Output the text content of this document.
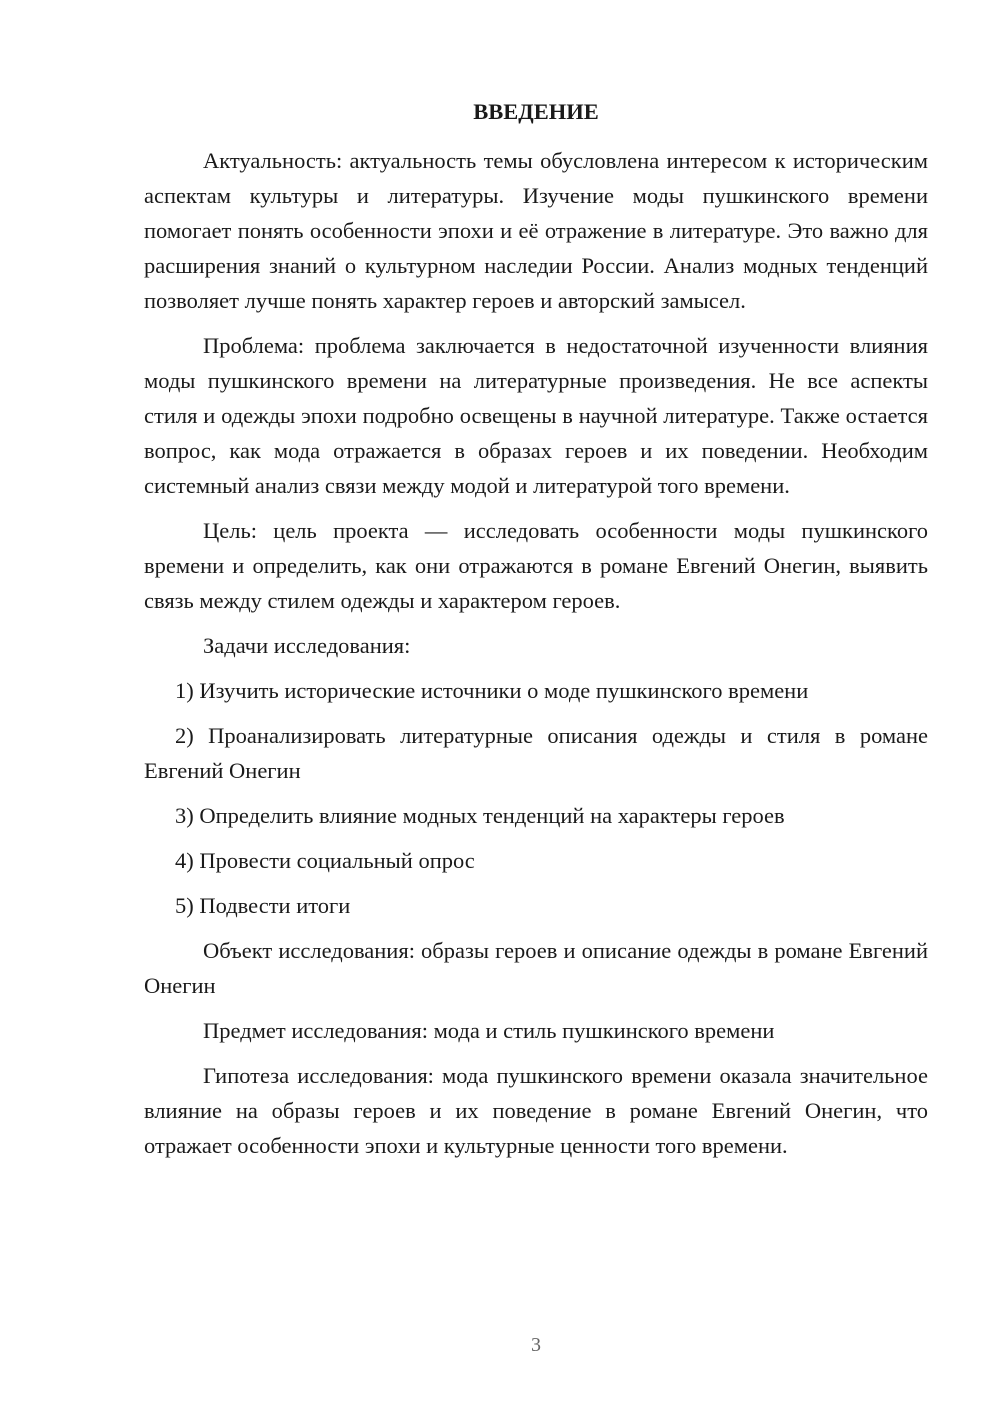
ВВЕДЕНИЕ

Актуальность: актуальность темы обусловлена интересом к историческим аспектам культуры и литературы. Изучение моды пушкинского времени помогает понять особенности эпохи и её отражение в литературе. Это важно для расширения знаний о культурном наследии России. Анализ модных тенденций позволяет лучше понять характер героев и авторский замысел.

Проблема: проблема заключается в недостаточной изученности влияния моды пушкинского времени на литературные произведения. Не все аспекты стиля и одежды эпохи подробно освещены в научной литературе. Также остается вопрос, как мода отражается в образах героев и их поведении. Необходим системный анализ связи между модой и литературой того времени.

Цель: цель проекта — исследовать особенности моды пушкинского времени и определить, как они отражаются в романе Евгений Онегин, выявить связь между стилем одежды и характером героев.

Задачи исследования:

1) Изучить исторические источники о моде пушкинского времени

2) Проанализировать литературные описания одежды и стиля в романе Евгений Онегин

3) Определить влияние модных тенденций на характеры героев

4) Провести социальный опрос

5) Подвести итоги

Объект исследования: образы героев и описание одежды в романе Евгений Онегин

Предмет исследования: мода и стиль пушкинского времени

Гипотеза исследования: мода пушкинского времени оказала значительное влияние на образы героев и их поведение в романе Евгений Онегин, что отражает особенности эпохи и культурные ценности того времени.

3
